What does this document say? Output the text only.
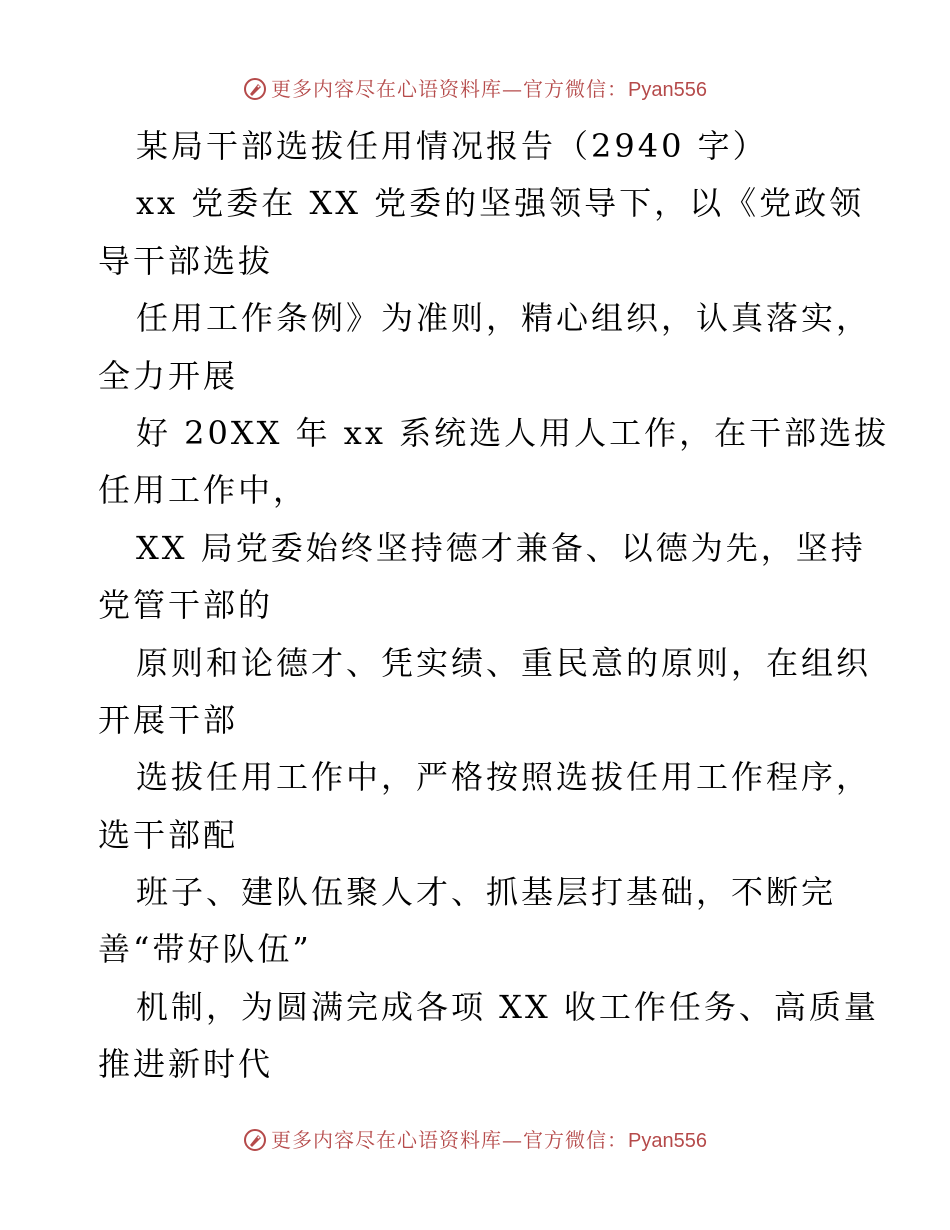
更多内容尽在心语资料库—官方微信：Pyan556
某局干部选拔任用情况报告（2940 字）
xx 党委在 XX 党委的坚强领导下，以《党政领
导干部选拔
任用工作条例》为准则，精心组织，认真落实，
全力开展
好 20XX 年 xx 系统选人用人工作，在干部选拔
任用工作中，
XX 局党委始终坚持德才兼备、以德为先，坚持
党管干部的
原则和论德才、凭实绩、重民意的原则，在组织
开展干部
选拔任用工作中，严格按照选拔任用工作程序，
选干部配
班子、建队伍聚人才、抓基层打基础，不断完
善“带好队伍”
机制，为圆满完成各项 XX 收工作任务、高质量
推进新时代
更多内容尽在心语资料库—官方微信：Pyan556
